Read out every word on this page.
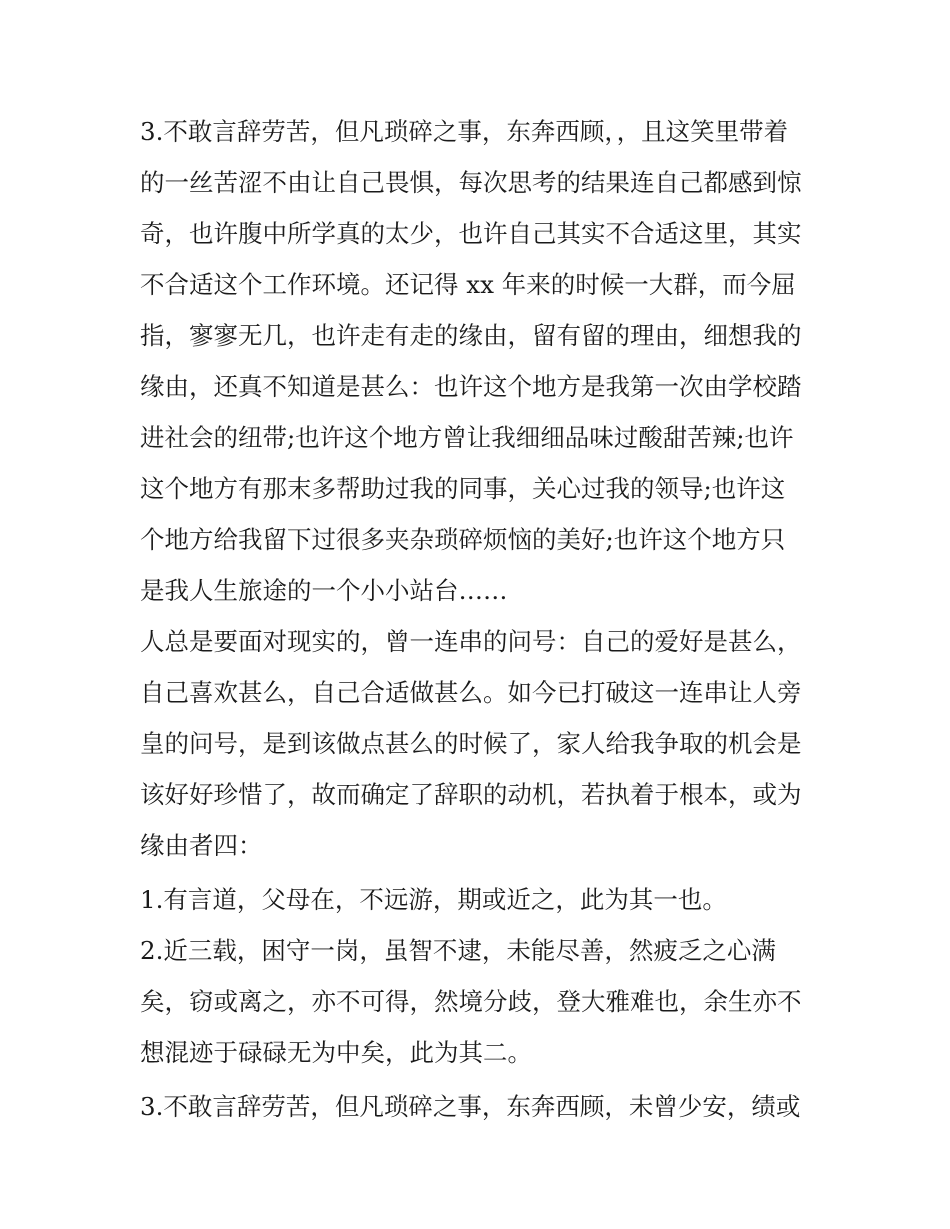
3.不敢言辞劳苦，但凡琐碎之事，东奔西顾，，且这笑里带着
的一丝苦涩不由让自己畏惧，每次思考的结果连自己都感到惊
奇，也许腹中所学真的太少，也许自己其实不合适这里，其实
不合适这个工作环境。还记得 xx 年来的时候一大群，而今屈
指，寥寥无几，也许走有走的缘由，留有留的理由，细想我的
缘由，还真不知道是甚么：也许这个地方是我第一次由学校踏
进社会的纽带;也许这个地方曾让我细细品味过酸甜苦辣;也许
这个地方有那末多帮助过我的同事，关心过我的领导;也许这
个地方给我留下过很多夹杂琐碎烦恼的美好;也许这个地方只
是我人生旅途的一个小小站台……
人总是要面对现实的，曾一连串的问号：自己的爱好是甚么，
自己喜欢甚么，自己合适做甚么。如今已打破这一连串让人旁
皇的问号，是到该做点甚么的时候了，家人给我争取的机会是
该好好珍惜了，故而确定了辞职的动机，若执着于根本，或为
缘由者四：
1.有言道，父母在，不远游，期或近之，此为其一也。
2.近三载，困守一岗，虽智不逮，未能尽善，然疲乏之心满
矣，窃或离之，亦不可得，然境分歧，登大雅难也，余生亦不
想混迹于碌碌无为中矣，此为其二。
3.不敢言辞劳苦，但凡琐碎之事，东奔西顾，未曾少安，绩或
